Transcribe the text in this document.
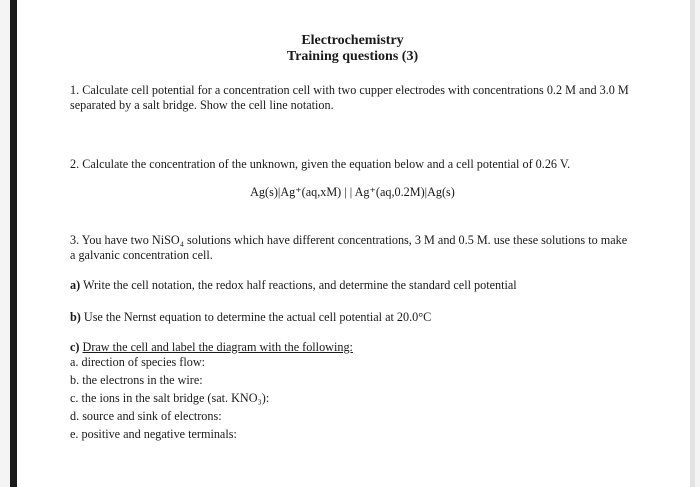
Electrochemistry
Training questions (3)
1. Calculate cell potential for a concentration cell with two cupper electrodes with concentrations 0.2 M and 3.0 M
separated by a salt bridge. Show the cell line notation.
2. Calculate the concentration of the unknown, given the equation below and a cell potential of 0.26 V.
Ag(s)|Ag⁺(aq,xM) | | Ag⁺(aq,0.2M)|Ag(s)
3. You have two NiSO₄ solutions which have different concentrations, 3 M and 0.5 M. use these solutions to make
a galvanic concentration cell.
a) Write the cell notation, the redox half reactions, and determine the standard cell potential
b) Use the Nernst equation to determine the actual cell potential at 20.0°C
c) Draw the cell and label the diagram with the following:
a. direction of species flow:
b. the electrons in the wire:
c. the ions in the salt bridge (sat. KNO₃):
d. source and sink of electrons:
e. positive and negative terminals:
